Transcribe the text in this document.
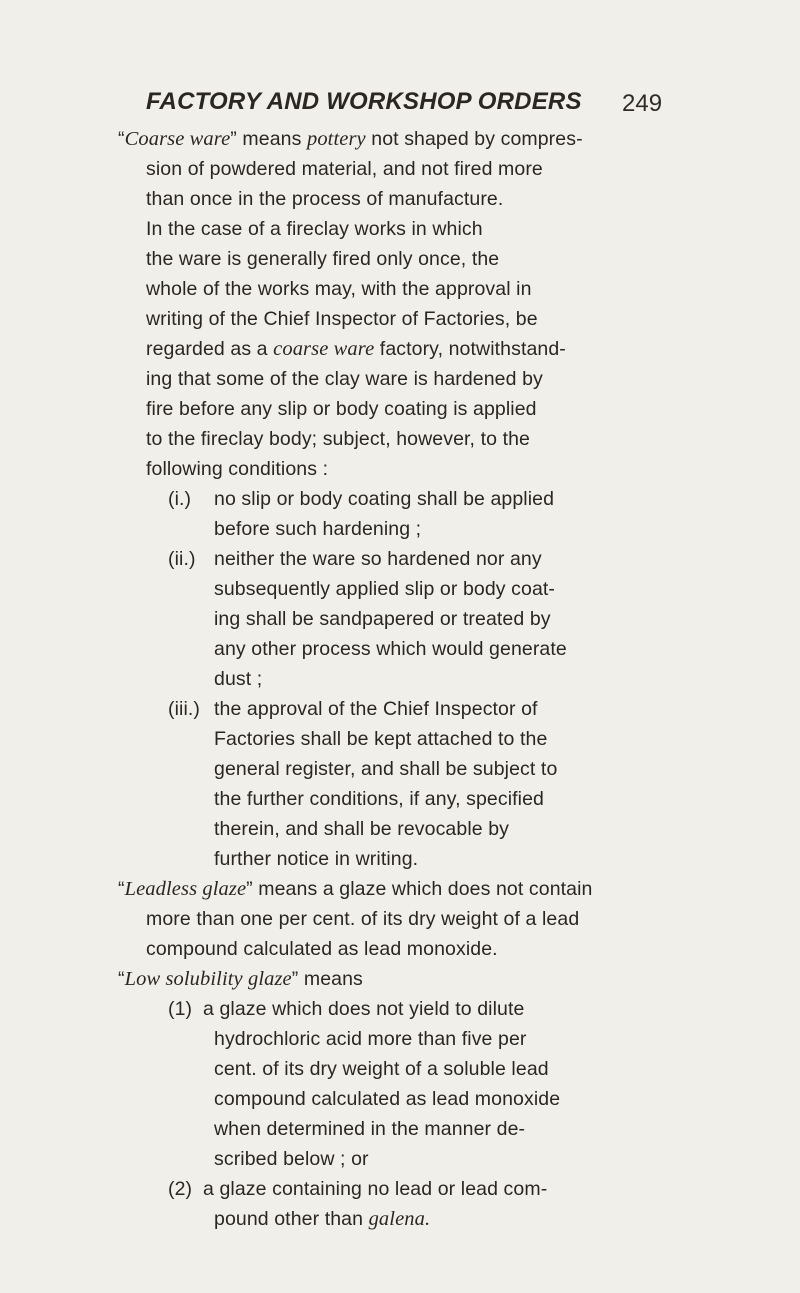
FACTORY AND WORKSHOP ORDERS	249
“Coarse ware” means pottery not shaped by compres-
sion of powdered material, and not fired more
than once in the process of manufacture.
In the case of a fireclay works in which
the ware is generally fired only once, the
whole of the works may, with the approval in
writing of the Chief Inspector of Factories, be
regarded as a coarse ware factory, notwithstand-
ing that some of the clay ware is hardened by
fire before any slip or body coating is applied
to the fireclay body; subject, however, to the
following conditions :
(i.) no slip or body coating shall be applied
before such hardening ;
(ii.) neither the ware so hardened nor any
subsequently applied slip or body coat-
ing shall be sandpapered or treated by
any other process which would generate
dust ;
(iii.) the approval of the Chief Inspector of
Factories shall be kept attached to the
general register, and shall be subject to
the further conditions, if any, specified
therein, and shall be revocable by
further notice in writing.
“Leadless glaze” means a glaze which does not contain
more than one per cent. of its dry weight of a lead
compound calculated as lead monoxide.
“Low solubility glaze” means
(1) a glaze which does not yield to dilute
hydrochloric acid more than five per
cent. of its dry weight of a soluble lead
compound calculated as lead monoxide
when determined in the manner de-
scribed below ; or
(2) a glaze containing no lead or lead com-
pound other than galena.
